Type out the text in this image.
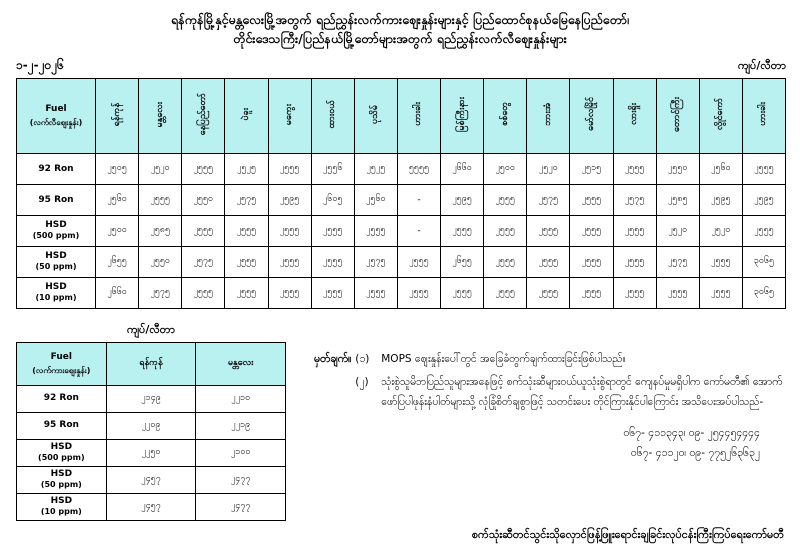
ရန်ကုန်မြို့နှင့်မန္တလေးမြို့အတွက် ရည်ညွှန်းလက်ကားဈေးနှုန်းများနှင့် ပြည်ထောင်စုနယ်မြေနေပြည်တော်၊
တိုင်းဒေသကြီး/ပြည်နယ်မြို့တော်များအတွက် ရည်ညွှန်းလက်လီဈေးနှုန်းများ
၁-၂-၂၀၂၆	ကျပ်/လီတာ
Fuel
(လက်လီဈေးနှုန်း)	ရန်ကုန်	မန္တလေး	နေပြည်တော်	ပဲခူး	မကွေး	ထားဝယ်	ပုသိမ်	ဟားခါး	မြစ်ကြီးနား	စစ်တွေ	ဘားအံ	မော်လမြိုင်	လားရှိုး	တောင်ကြီး	လွိုင်ကော်	ဟားခါး
92 Ron	၂၅၀၅	၂၅၂၀	၂၅၅၅	၂၅၂၅	၂၅၅၅	၂၅၅၆	၂၅၂၅	၅၅၅၅	၂၆၆၀	၂၅၀၀	၂၅၂၀	၂၅၁၅	၂၅၅၅	၂၅၅၀	၂၅၆၀	၂၅၅၅
95 Ron	၂၅၆၀	၂၅၅၅	၂၅၅၀	၂၅၇၅	၂၅၉၅	၂၆၀၅	၂၅၆၀	-	၂၅၉၅	၂၅၅၅	၂၅၇၅	၂၅၅၅	၂၅၇၅	၂၅၈၅	၂၅၉၅	၂၅၉၅
HSD
(500 ppm)	၂၅၀၀	၂၅၈၅	၂၅၅၅	၂၅၅၅	၂၅၅၅	၂၅၅၅	၂၅၅၅	-	၂၅၅၅	၂၅၅၅	၂၅၅၅	၂၅၅၅	၂၅၅၅	၂၅၂၀	၂၅၂၀	၂၅၅၅
HSD
(50 ppm)	၂၆၅၅	၂၅၅၀	၂၅၇၅	၂၅၅၅	၂၅၅၅	၂၅၅၅	၂၅၇၅	၂၅၅၅	၂၆၅၅	၂၅၅၅	၂၅၅၅	၂၅၅၅	၂၅၅၅	၂၅၇၅	၂၅၅၅	၃၀၆၅
HSD
(10 ppm)	၂၆၆၀	၂၅၇၅	၂၅၅၅	၂၅၅၅	၂၅၅၅	၂၅၅၅	၂၅၅၅	၂၅၅၅	၂၅၅၅	၂၅၅၅	၂၅၅၅	၂၅၅၅	၂၅၅၅	၂၅၅၅	၂၅၅၅	၃၀၆၅
ကျပ်/လီတာ
Fuel
(လက်ကားဈေးနှုန်း)	ရန်ကုန်	မန္တလေး
92 Ron	၂၁၄၉	၂၂၁၀
95 Ron	၂၂၀၉	၂၂၁၉
HSD
(500 ppm)	၂၂၅၀	၂၁၀၀
HSD
(50 ppm)	၂၄၅၇	၂၄၇၇
HSD
(10 ppm)	၂၄၅၇	၂၄၇၇
မှတ်ချက်။ (၁)	MOPS ဈေးနှုန်းပေါ်တွင် အခြေခံတွက်ချက်ထားခြင်းဖြစ်ပါသည်။
(၂)	သုံးစွဲသူမိဘပြည်သူများအနေဖြင့် စက်သုံးဆီများဝယ်ယူသုံးစွဲရာတွင် ကျေနပ်မှုမရှိပါက ကော်မတီ၏ အောက်ဖော်ပြပါဖုန်းနံပါတ်များသို့ လုံခြုံစိတ်ချစွာဖြင့် သတင်းပေး တိုင်ကြားနိုင်ပါကြောင်း အသိပေးအပ်ပါသည်-
၀၆၇- ၄၁၁၃၄၃၊ ၀၉- ၂၅၄၄၅၄၄၄၄
၀၆၇- ၄၁၁၂၀၊ ၀၉- ၇၇၅၂၆၃၆၃၂
စက်သုံးဆီတင်သွင်းသိုလှောင်ဖြန့်ဖြူးရောင်းချခြင်းလုပ်ငန်းကြီးကြပ်ရေးကော်မတီ
